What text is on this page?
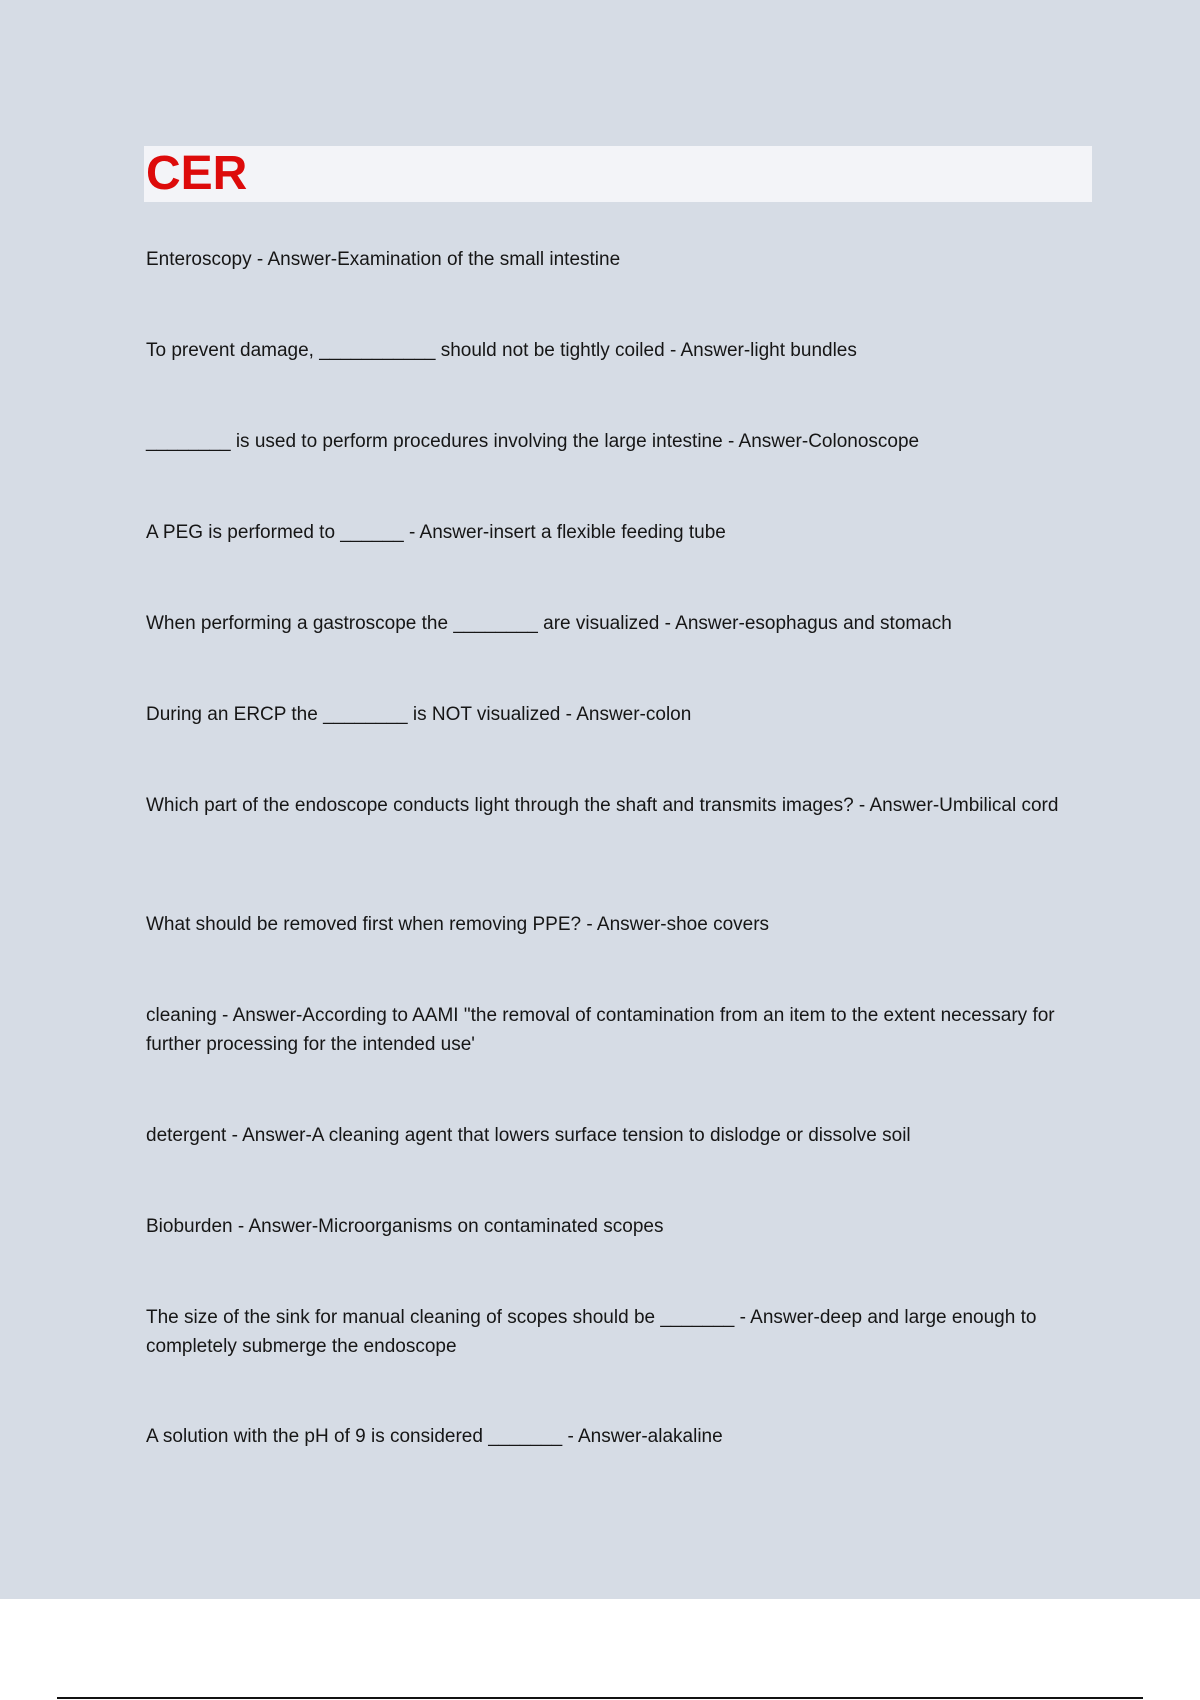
CER
Enteroscopy - Answer-Examination of the small intestine
To prevent damage, ___________ should not be tightly coiled - Answer-light bundles
________ is used to perform procedures involving the large intestine - Answer-Colonoscope
A PEG is performed to ______ - Answer-insert a flexible feeding tube
When performing a gastroscope the ________ are visualized - Answer-esophagus and stomach
During an ERCP the ________ is NOT visualized - Answer-colon
Which part of the endoscope conducts light through the shaft and transmits images? - Answer-Umbilical cord
What should be removed first when removing PPE? - Answer-shoe covers
cleaning - Answer-According to AAMI "the removal of contamination from an item to the extent necessary for further processing for the intended use'
detergent - Answer-A cleaning agent that lowers surface tension to dislodge or dissolve soil
Bioburden - Answer-Microorganisms on contaminated scopes
The size of the sink for manual cleaning of scopes should be _______ - Answer-deep and large enough to completely submerge the endoscope
A solution with the pH of 9 is considered _______ - Answer-alakaline
